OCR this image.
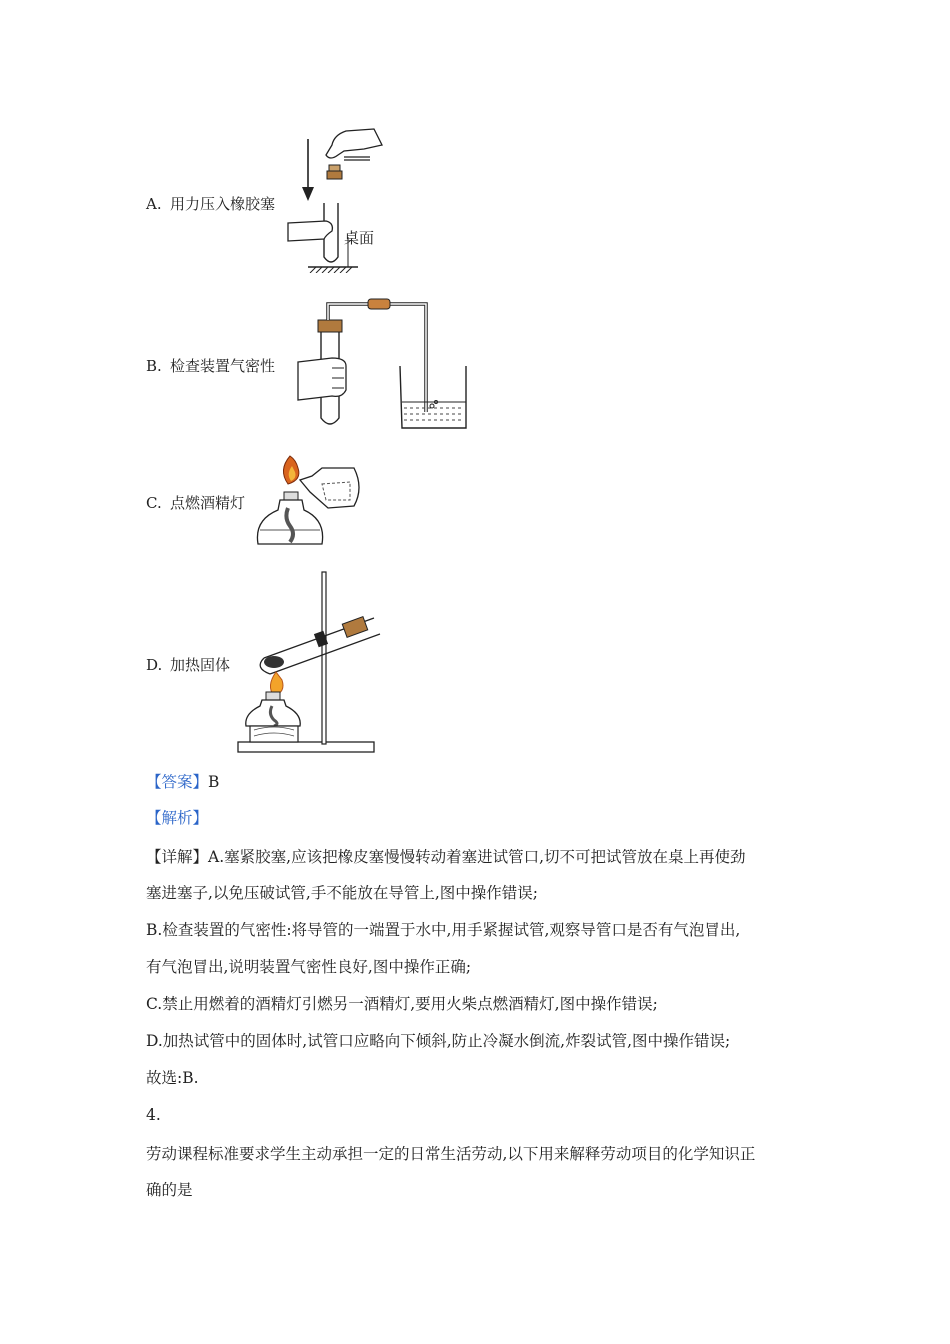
A. 用力压入橡胶塞
桌面
B. 检查装置气密性
C. 点燃酒精灯
D. 加热固体
【答案】B
【解析】
【详解】A.塞紧胶塞,应该把橡皮塞慢慢转动着塞进试管口,切不可把试管放在桌上再使劲
塞进塞子,以免压破试管,手不能放在导管上,图中操作错误;
B.检查装置的气密性:将导管的一端置于水中,用手紧握试管,观察导管口是否有气泡冒出,
有气泡冒出,说明装置气密性良好,图中操作正确;
C.禁止用燃着的酒精灯引燃另一酒精灯,要用火柴点燃酒精灯,图中操作错误;
D.加热试管中的固体时,试管口应略向下倾斜,防止冷凝水倒流,炸裂试管,图中操作错误;
故选:B.
4.
劳动课程标准要求学生主动承担一定的日常生活劳动,以下用来解释劳动项目的化学知识正
确的是
